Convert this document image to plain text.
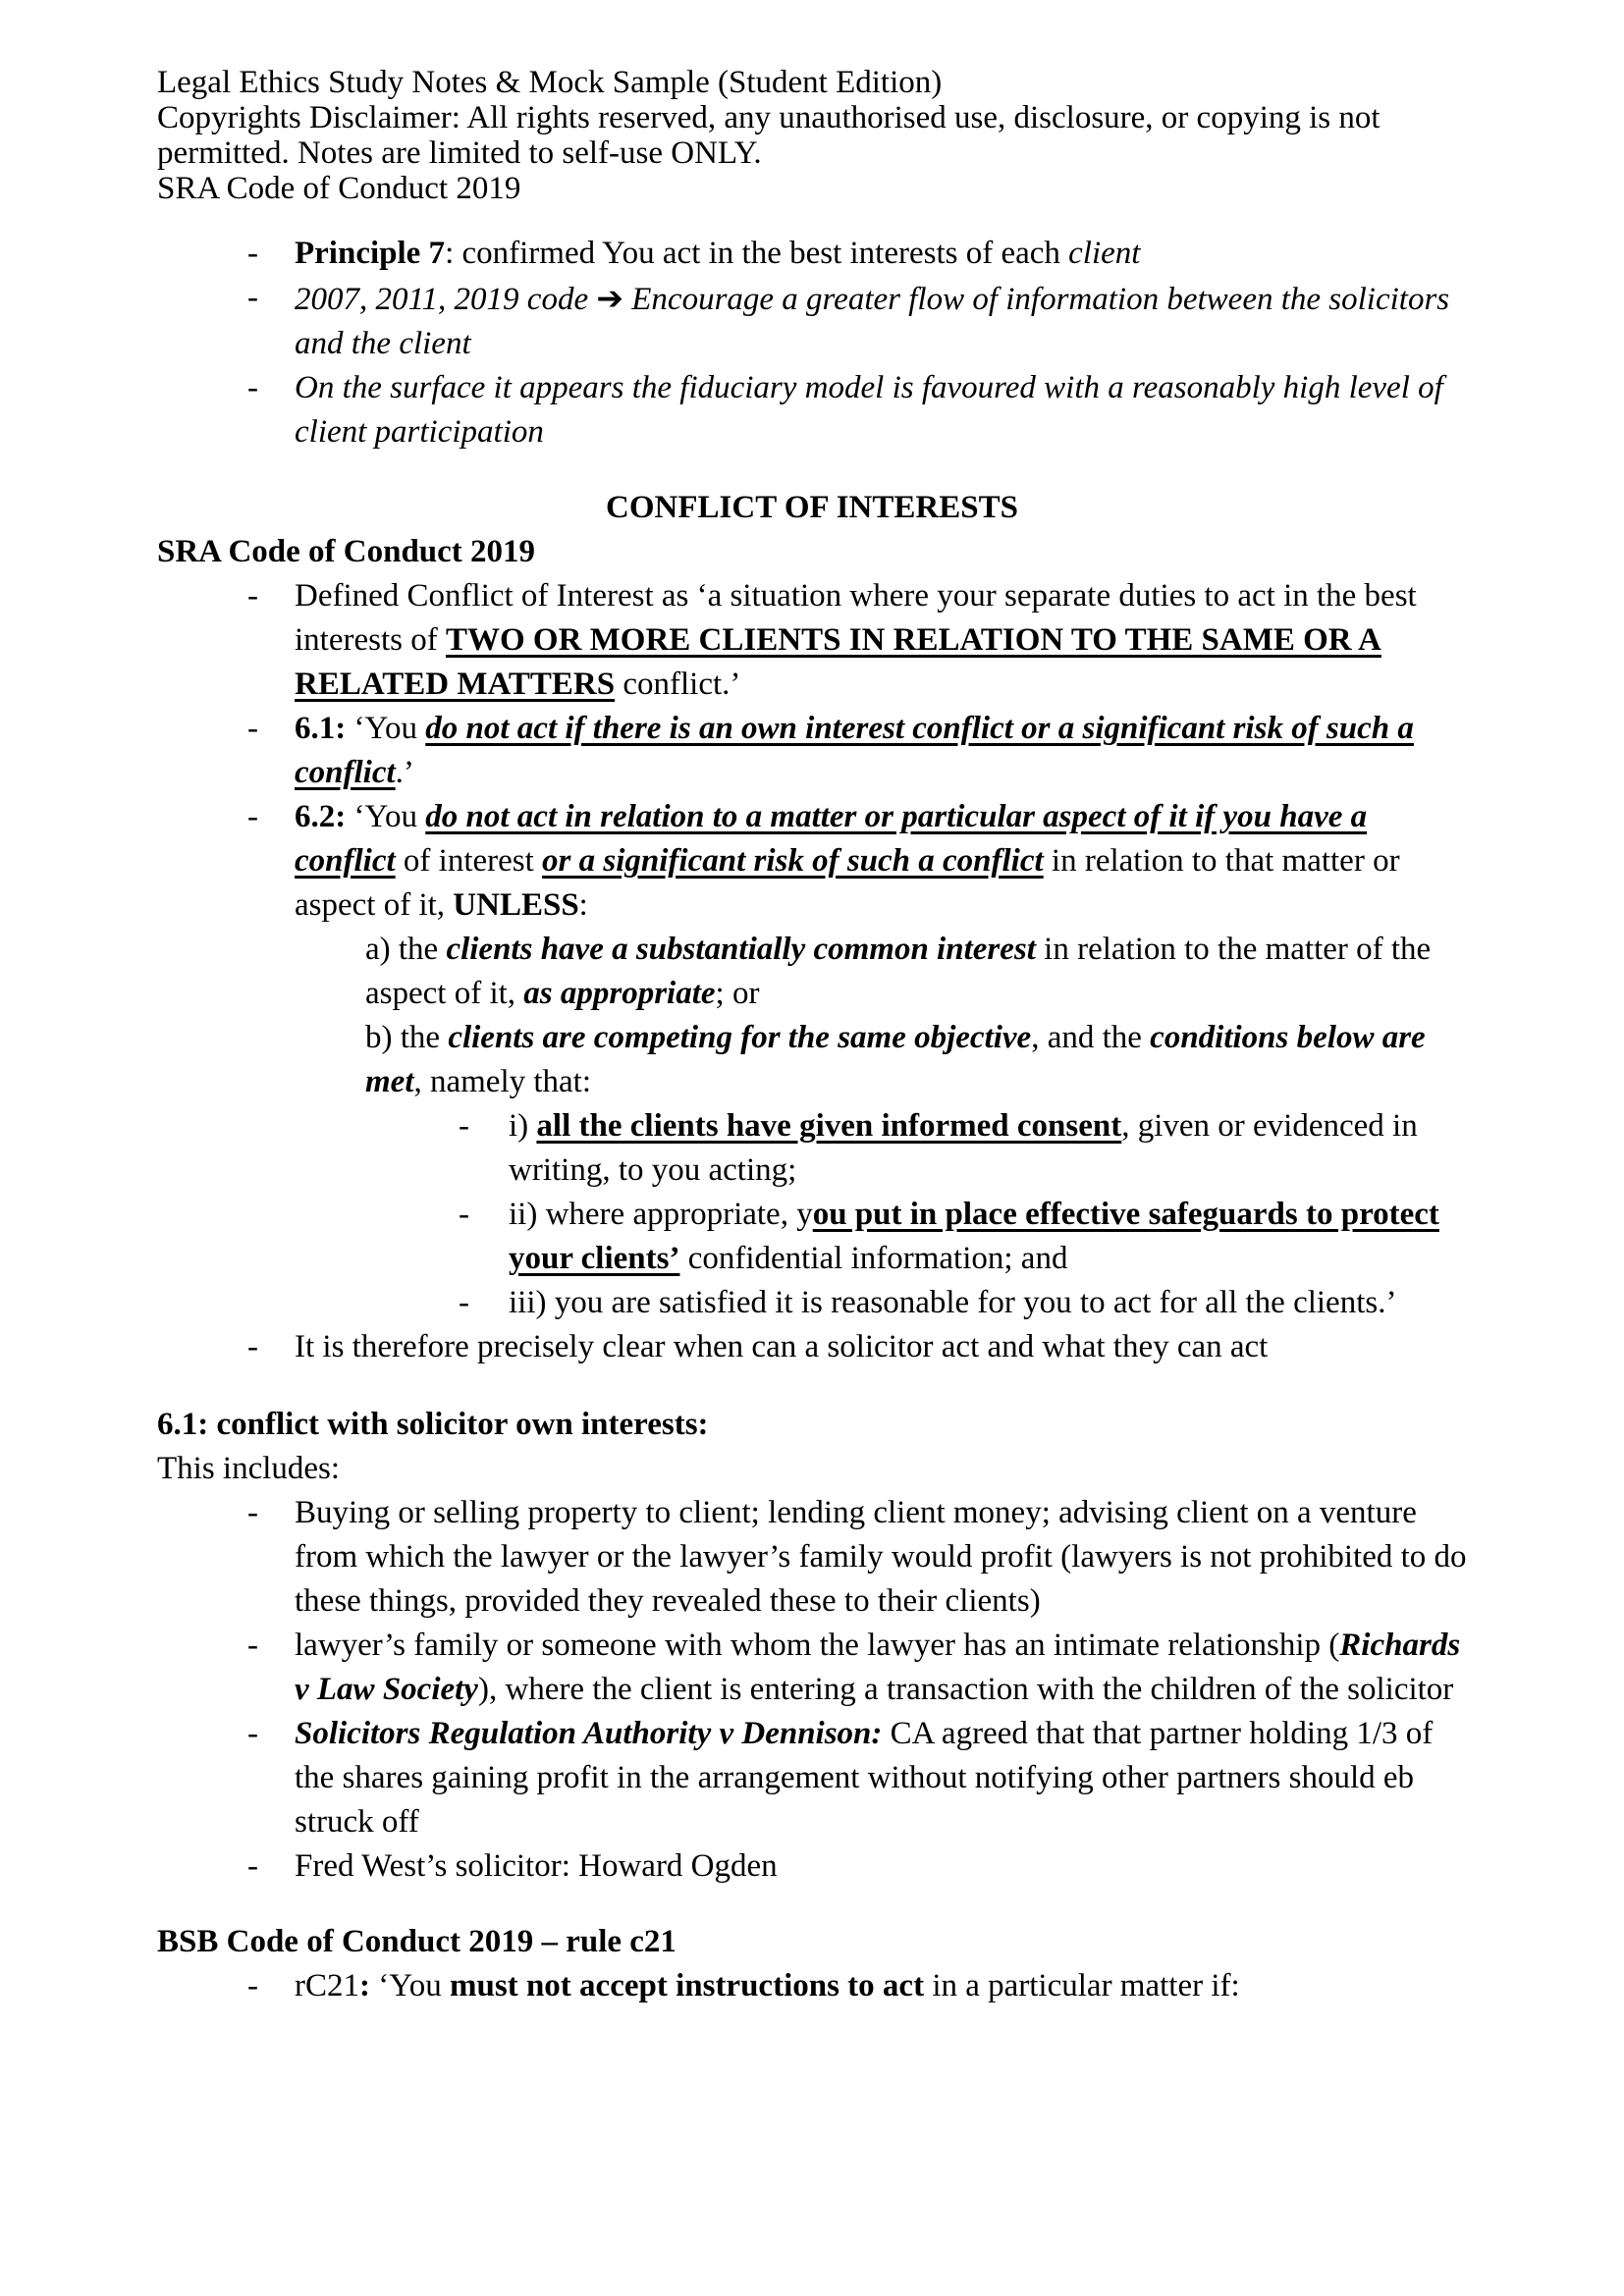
Legal Ethics Study Notes & Mock Sample (Student Edition)

Copyrights Disclaimer: All rights reserved, any unauthorised use, disclosure, or copying is not permitted. Notes are limited to self-use ONLY.

SRA Code of Conduct 2019

- Principle 7: confirmed You act in the best interests of each client
- 2007, 2011, 2019 code ➔ Encourage a greater flow of information between the solicitors and the client
- On the surface it appears the fiduciary model is favoured with a reasonably high level of client participation

CONFLICT OF INTERESTS

SRA Code of Conduct 2019

- Defined Conflict of Interest as ‘a situation where your separate duties to act in the best interests of TWO OR MORE CLIENTS IN RELATION TO THE SAME OR A RELATED MATTERS conflict.’
- 6.1: ‘You do not act if there is an own interest conflict or a significant risk of such a conflict.’
- 6.2: ‘You do not act in relation to a matter or particular aspect of it if you have a conflict of interest or a significant risk of such a conflict in relation to that matter or aspect of it, UNLESS:
a) the clients have a substantially common interest in relation to the matter of the aspect of it, as appropriate; or
b) the clients are competing for the same objective, and the conditions below are met, namely that:
- i) all the clients have given informed consent, given or evidenced in writing, to you acting;
- ii) where appropriate, you put in place effective safeguards to protect your clients’ confidential information; and
- iii) you are satisfied it is reasonable for you to act for all the clients.’
- It is therefore precisely clear when can a solicitor act and what they can act

6.1: conflict with solicitor own interests:

This includes:

- Buying or selling property to client; lending client money; advising client on a venture from which the lawyer or the lawyer’s family would profit (lawyers is not prohibited to do these things, provided they revealed these to their clients)
- lawyer’s family or someone with whom the lawyer has an intimate relationship (Richards v Law Society), where the client is entering a transaction with the children of the solicitor
- Solicitors Regulation Authority v Dennison: CA agreed that that partner holding 1/3 of the shares gaining profit in the arrangement without notifying other partners should eb struck off
- Fred West’s solicitor: Howard Ogden

BSB Code of Conduct 2019 – rule c21

- rC21: ‘You must not accept instructions to act in a particular matter if:
